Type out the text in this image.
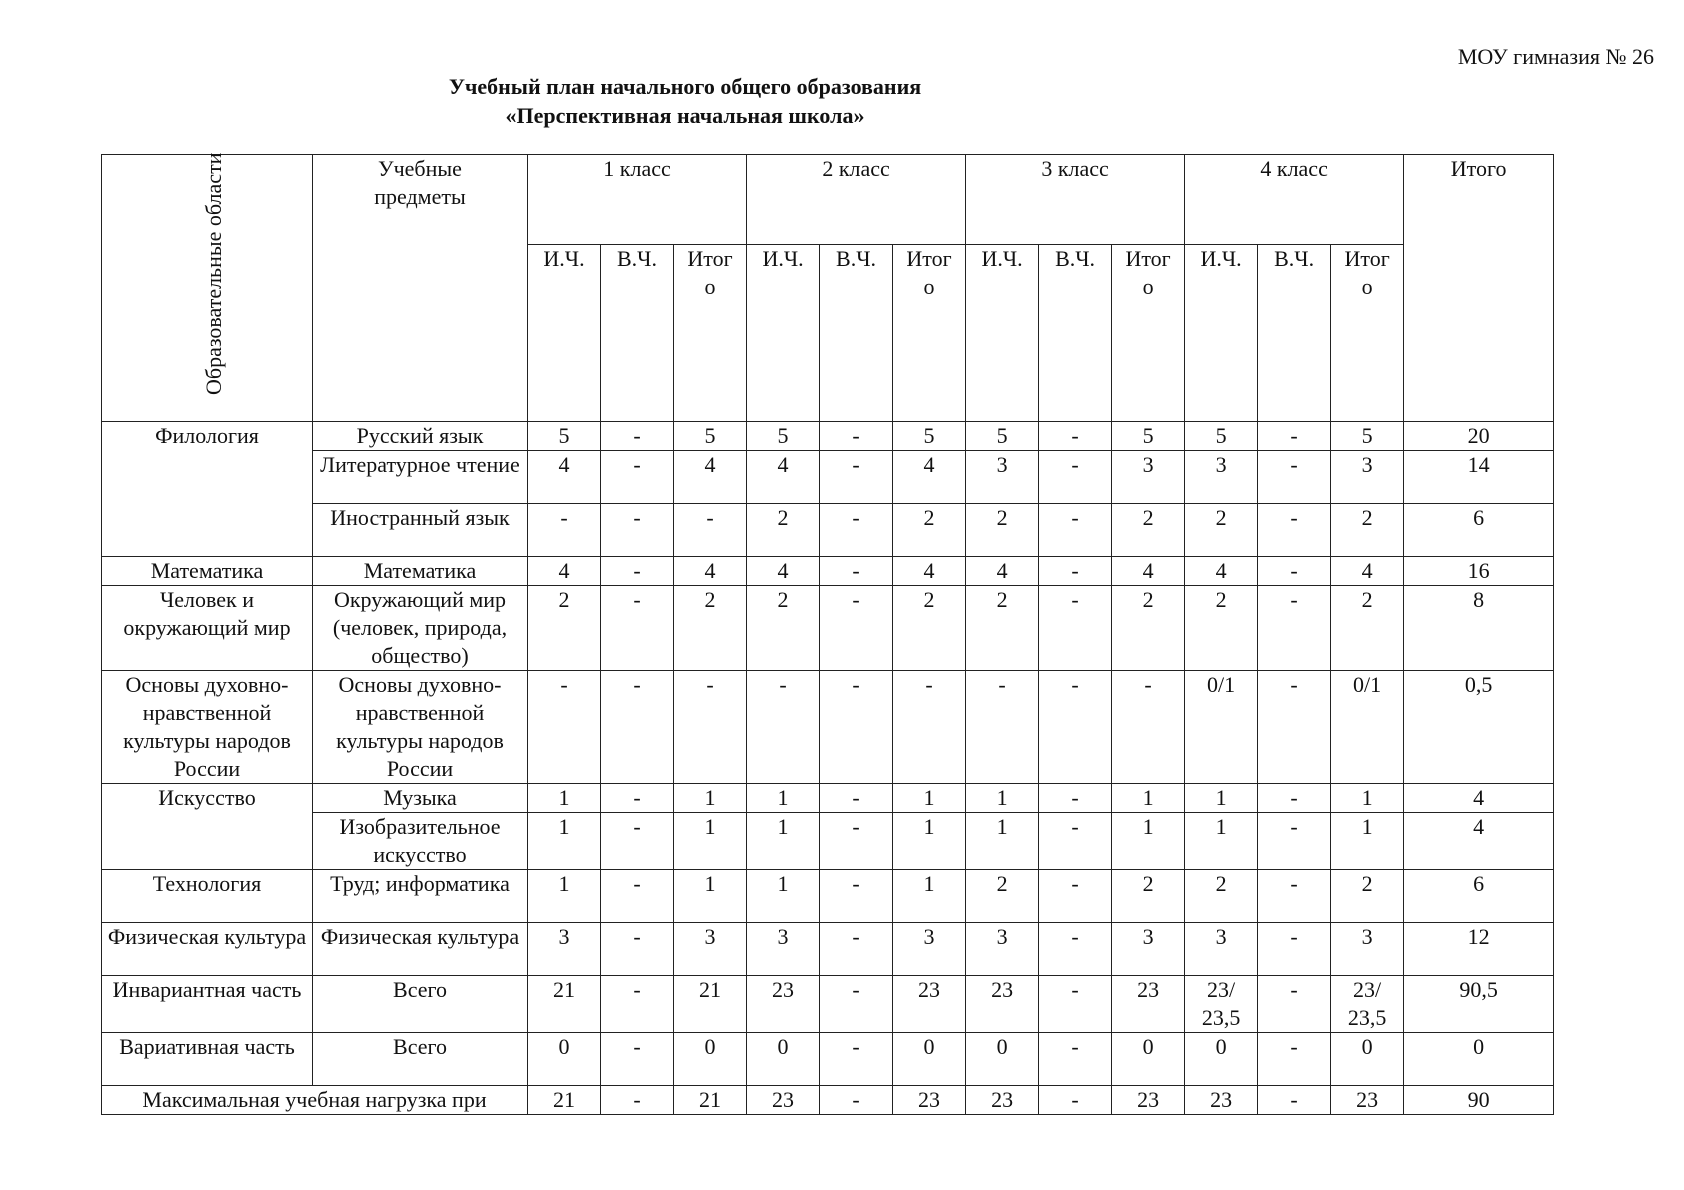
МОУ гимназия № 26
Учебный план начального общего образования
«Перспективная начальная школа»
Образовательные области	Учебные предметы	1 класс			2 класс			3 класс			4 класс			Итого
		И.Ч.	В.Ч.	Итог о	И.Ч.	В.Ч.	Итог о	И.Ч.	В.Ч.	Итог о	И.Ч.	В.Ч.	Итог о	
Филология	Русский язык	5	-	5	5	-	5	5	-	5	5	-	5	20
	Литературное чтение	4	-	4	4	-	4	3	-	3	3	-	3	14
	Иностранный язык	-	-	-	2	-	2	2	-	2	2	-	2	6
Математика	Математика	4	-	4	4	-	4	4	-	4	4	-	4	16
Человек и окружающий мир	Окружающий мир (человек, природа, общество)	2	-	2	2	-	2	2	-	2	2	-	2	8
Основы духовно-нравственной культуры народов России	Основы духовно-нравственной культуры народов России	-	-	-	-	-	-	-	-	-	0/1	-	0/1	0,5
Искусство	Музыка	1	-	1	1	-	1	1	-	1	1	-	1	4
	Изобразительное искусство	1	-	1	1	-	1	1	-	1	1	-	1	4
Технология	Труд; информатика	1	-	1	1	-	1	2	-	2	2	-	2	6
Физическая культура	Физическая культура	3	-	3	3	-	3	3	-	3	3	-	3	12
Инвариантная часть	Всего	21	-	21	23	-	23	23	-	23	23/ 23,5	-	23/ 23,5	90,5
Вариативная часть	Всего	0	-	0	0	-	0	0	-	0	0	-	0	0
Максимальная учебная нагрузка при		21	-	21	23	-	23	23	-	23	23	-	23	90
